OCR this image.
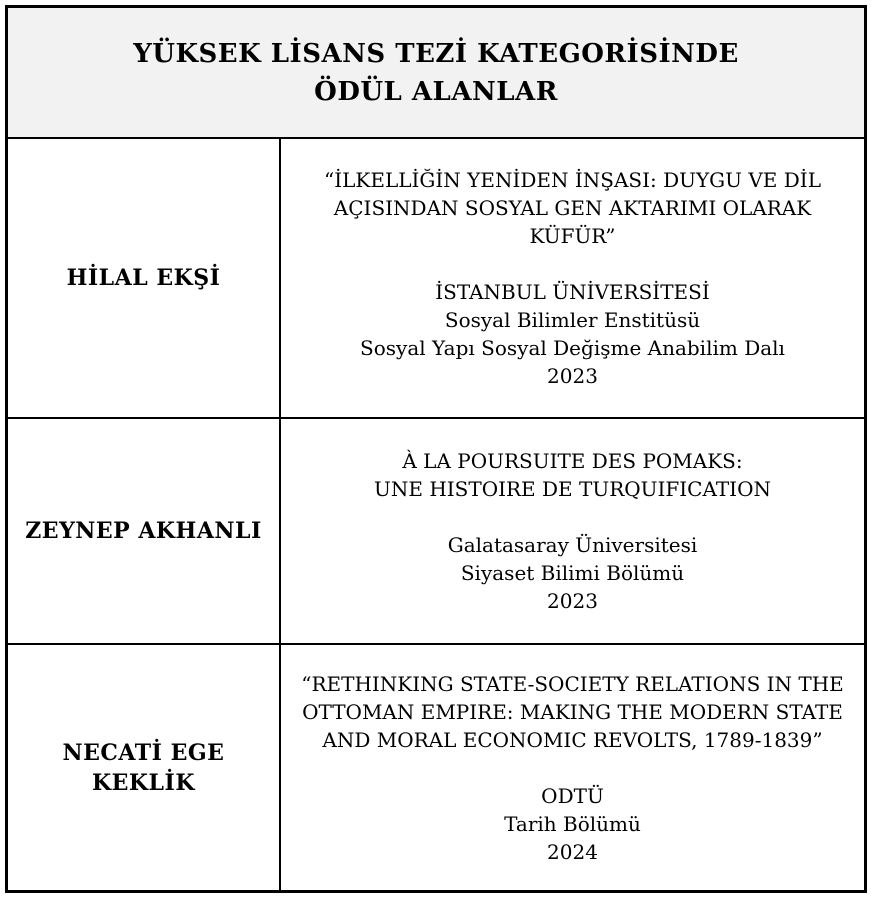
YÜKSEK LİSANS TEZİ KATEGORİSİNDE
ÖDÜL ALANLAR
HİLAL EKŞİ
“İLKELLİĞİN YENİDEN İNŞASI: DUYGU VE DİL
AÇISINDAN SOSYAL GEN AKTARIMI OLARAK
KÜFÜR”
İSTANBUL ÜNİVERSİTESİ
Sosyal Bilimler Enstitüsü
Sosyal Yapı Sosyal Değişme Anabilim Dalı
2023
ZEYNEP AKHANLI
À LA POURSUITE DES POMAKS:
UNE HISTOIRE DE TURQUIFICATION
Galatasaray Üniversitesi
Siyaset Bilimi Bölümü
2023
NECATİ EGE
KEKLİK
“RETHINKING STATE-SOCIETY RELATIONS IN THE
OTTOMAN EMPIRE: MAKING THE MODERN STATE
AND MORAL ECONOMIC REVOLTS, 1789-1839”
ODTÜ
Tarih Bölümü
2024
